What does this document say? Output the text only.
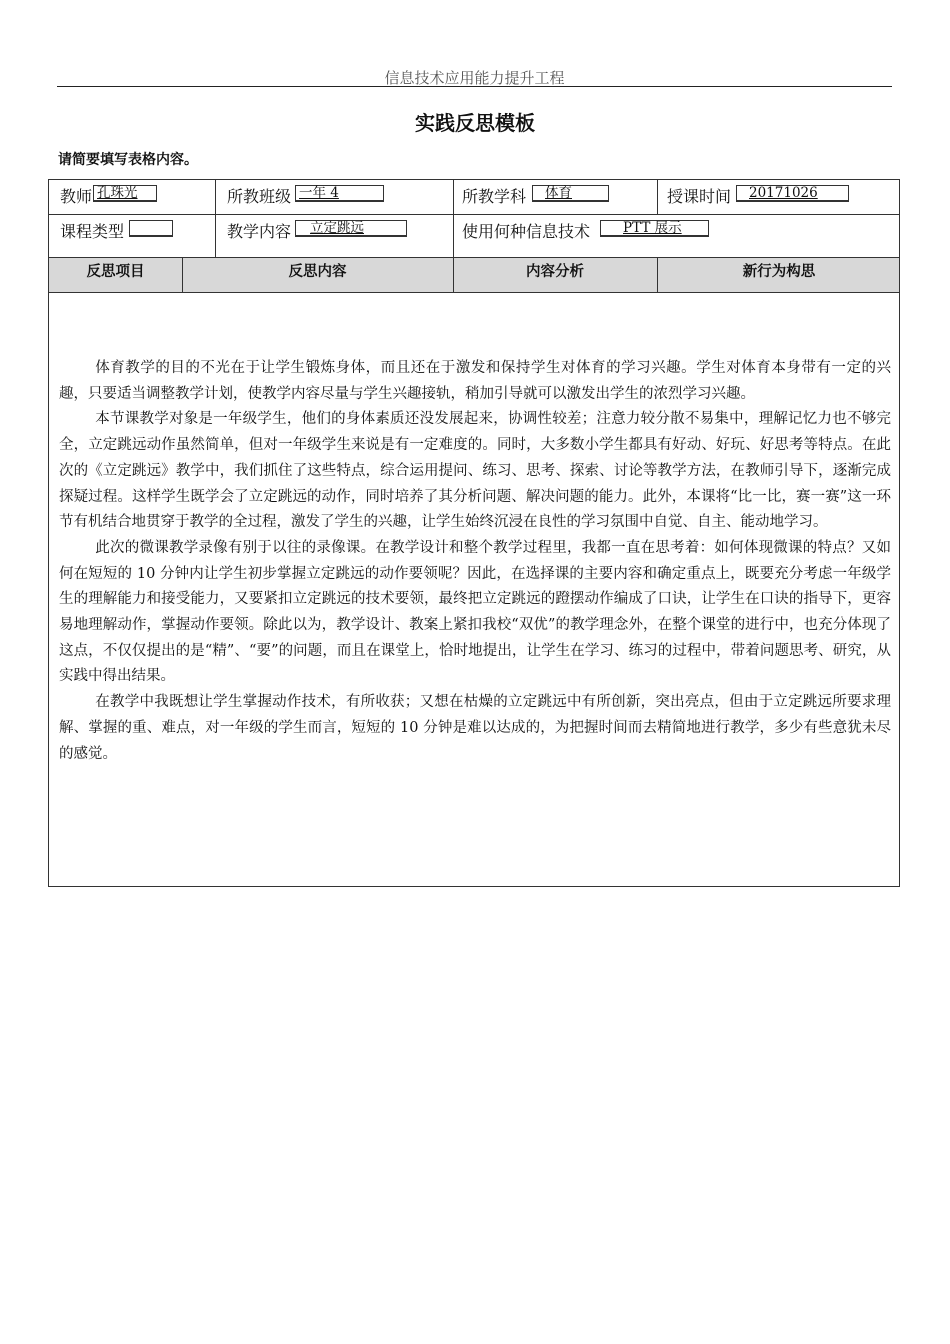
信息技术应用能力提升工程
实践反思模板
请简要填写表格内容。
教师 孔珠光	所教班级 一年 4	所教学科	体育	授课时间	20171026
课程类型	教学内容	立定跳远	使用何种信息技术	PTT 展示
反思项目	反思内容	内容分析	新行为构思

体育教学的目的不光在于让学生锻炼身体，而且还在于激发和保持学生对体育的学习兴趣。学生对体育本身带有一定的兴趣，只要适当调整教学计划，使教学内容尽量与学生兴趣接轨，稍加引导就可以激发出学生的浓烈学习兴趣。

本节课教学对象是一年级学生，他们的身体素质还没发展起来，协调性较差；注意力较分散不易集中，理解记忆力也不够完全，立定跳远动作虽然简单，但对一年级学生来说是有一定难度的。同时，大多数小学生都具有好动、好玩、好思考等特点。在此次的《立定跳远》教学中，我们抓住了这些特点，综合运用提问、练习、思考、探索、讨论等教学方法，在教师引导下，逐渐完成探疑过程。这样学生既学会了立定跳远的动作，同时培养了其分析问题、解决问题的能力。此外，本课将“比一比，赛一赛”这一环节有机结合地贯穿于教学的全过程，激发了学生的兴趣，让学生始终沉浸在良性的学习氛围中自觉、自主、能动地学习。

此次的微课教学录像有别于以往的录像课。在教学设计和整个教学过程里，我都一直在思考着：如何体现微课的特点？又如何在短短的 10 分钟内让学生初步掌握立定跳远的动作要领呢？因此，在选择课的主要内容和确定重点上，既要充分考虑一年级学生的理解能力和接受能力，又要紧扣立定跳远的技术要领，最终把立定跳远的蹬摆动作编成了口诀，让学生在口诀的指导下，更容易地理解动作，掌握动作要领。除此以为，教学设计、教案上紧扣我校“双优”的教学理念外，在整个课堂的进行中，也充分体现了这点，不仅仅提出的是“精”、“要”的问题，而且在课堂上，恰时地提出，让学生在学习、练习的过程中，带着问题思考、研究，从实践中得出结果。

在教学中我既想让学生掌握动作技术，有所收获；又想在枯燥的立定跳远中有所创新，突出亮点，但由于立定跳远所要求理解、掌握的重、难点，对一年级的学生而言，短短的 10 分钟是难以达成的，为把握时间而去精简地进行教学，多少有些意犹未尽的感觉。
